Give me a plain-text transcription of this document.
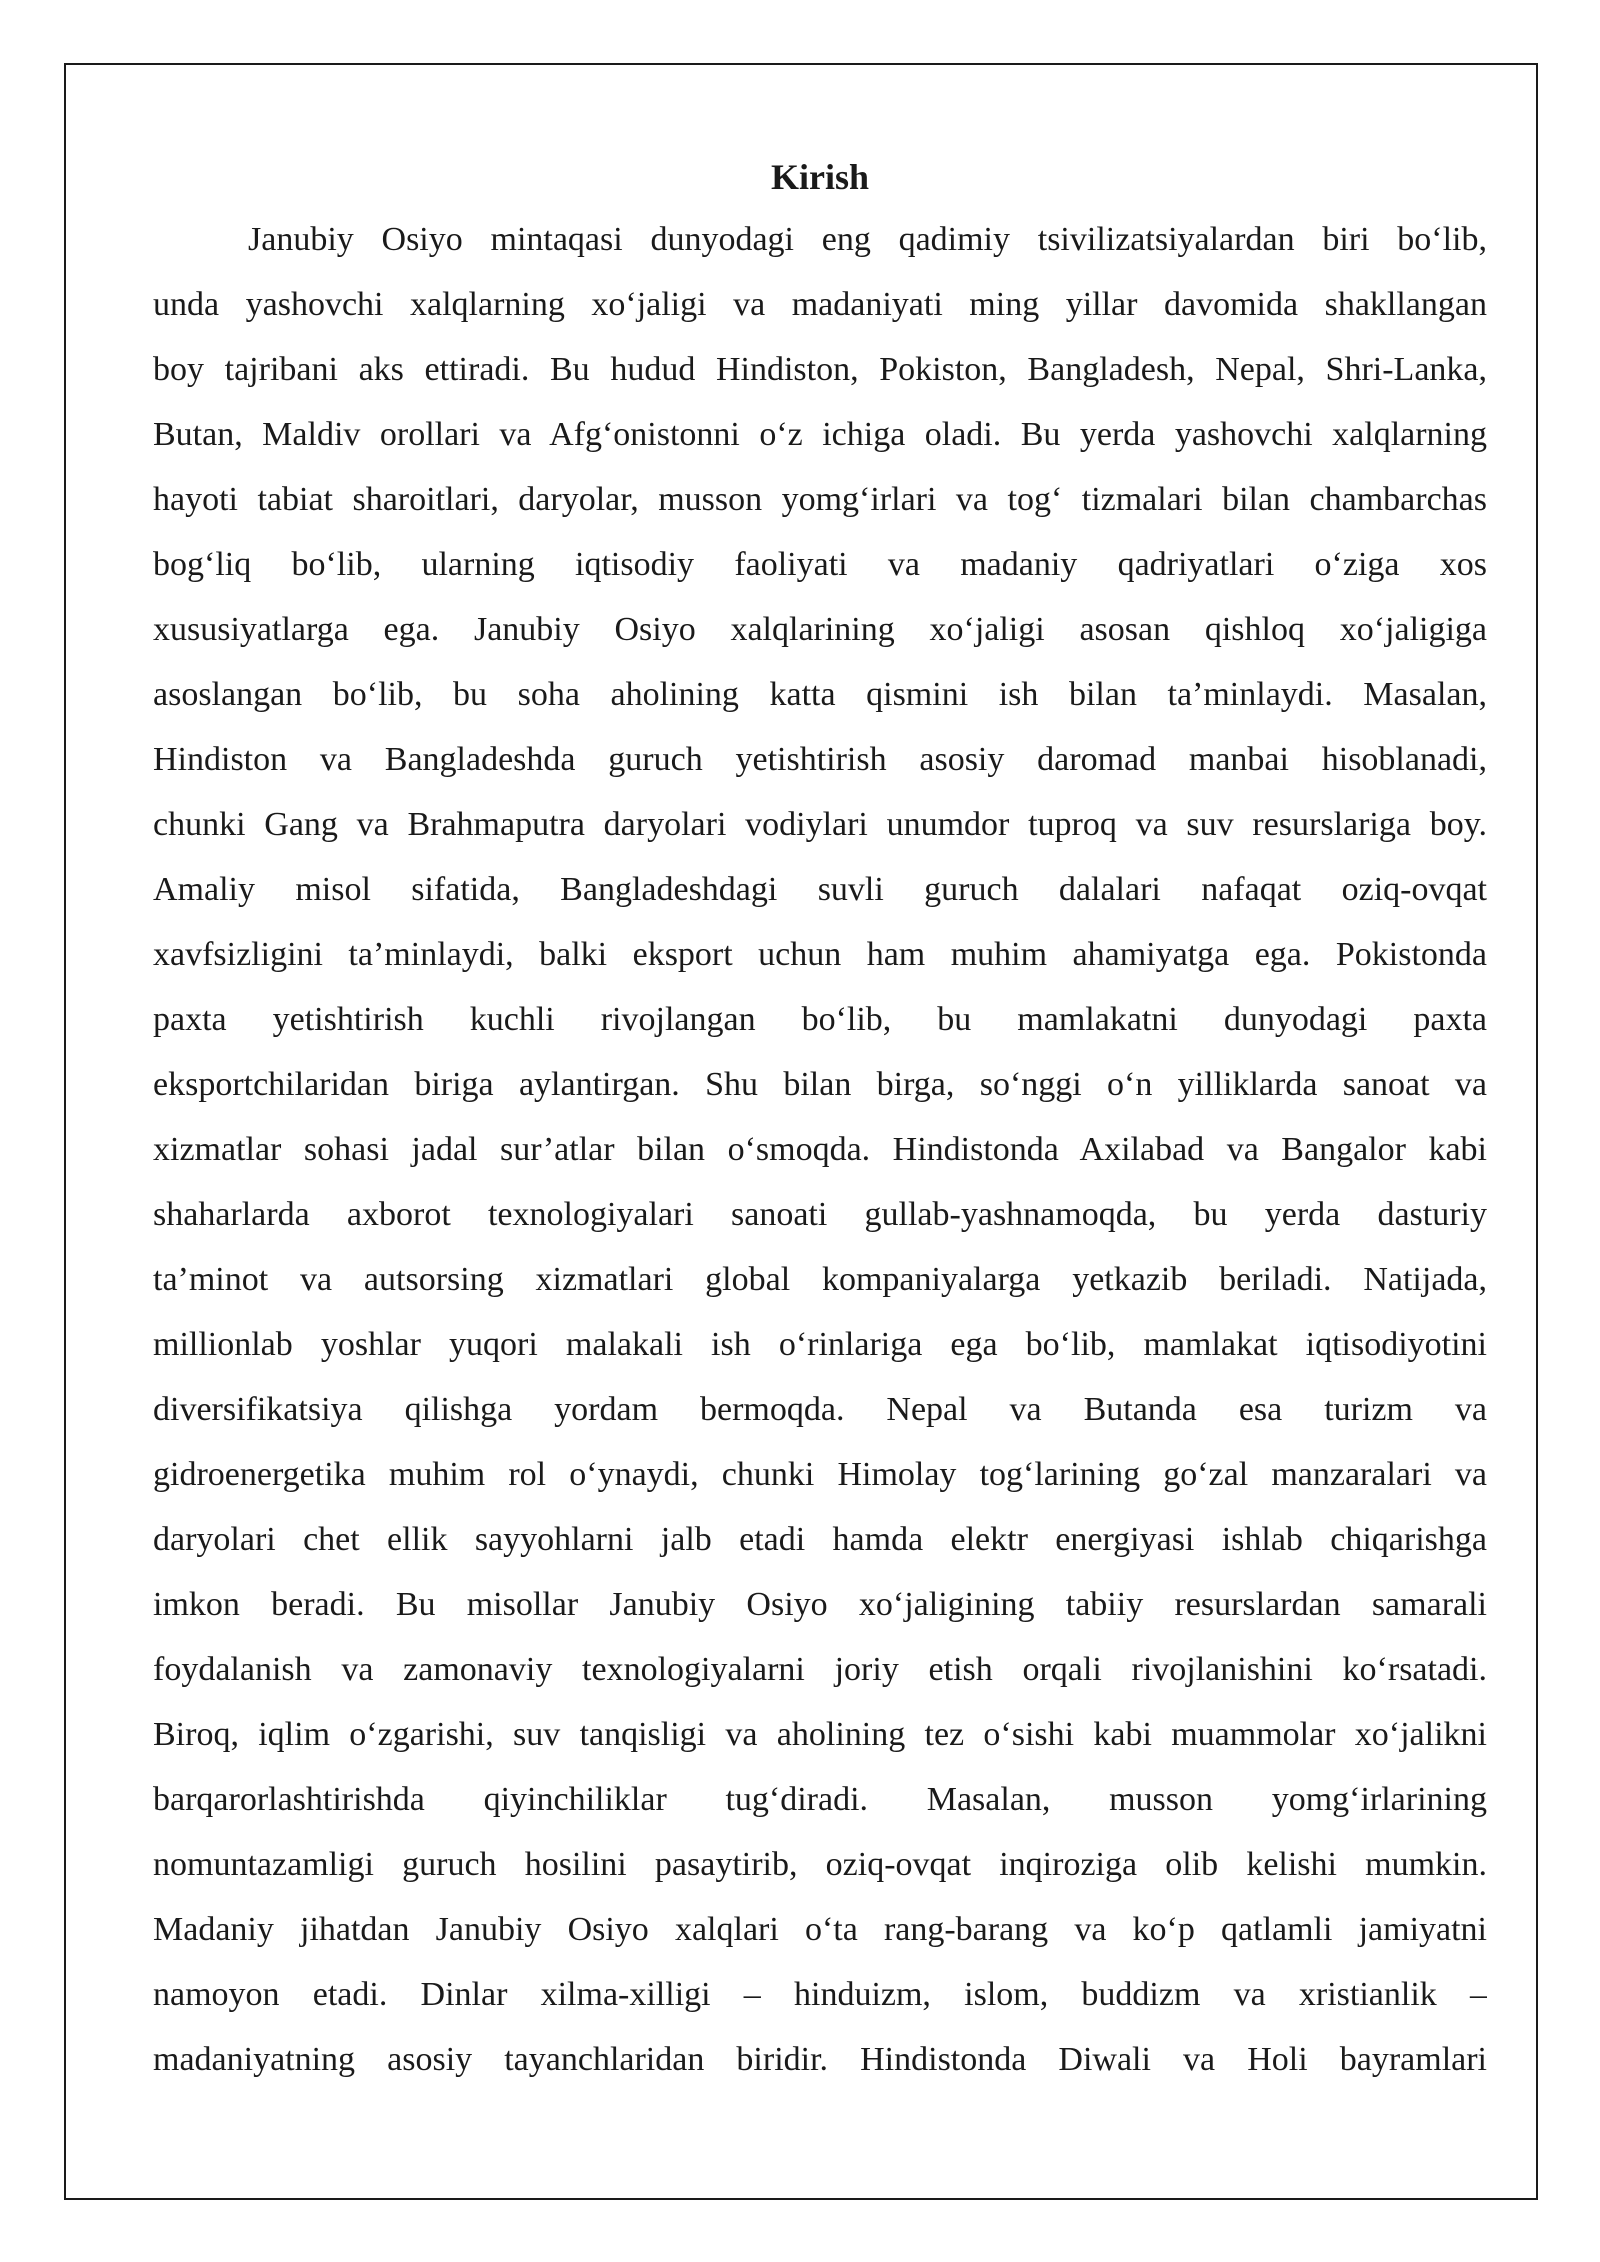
Kirish
Janubiy Osiyo mintaqasi dunyodagi eng qadimiy tsivilizatsiyalardan biri bo‘lib,
unda yashovchi xalqlarning xo‘jaligi va madaniyati ming yillar davomida shakllangan
boy tajribani aks ettiradi. Bu hudud Hindiston, Pokiston, Bangladesh, Nepal, Shri-Lanka,
Butan, Maldiv orollari va Afg‘onistonni o‘z ichiga oladi. Bu yerda yashovchi xalqlarning
hayoti tabiat sharoitlari, daryolar, musson yomg‘irlari va tog‘ tizmalari bilan chambarchas
bog‘liq bo‘lib, ularning iqtisodiy faoliyati va madaniy qadriyatlari o‘ziga xos
xususiyatlarga ega. Janubiy Osiyo xalqlarining xo‘jaligi asosan qishloq xo‘jaligiga
asoslangan bo‘lib, bu soha aholining katta qismini ish bilan ta’minlaydi. Masalan,
Hindiston va Bangladeshda guruch yetishtirish asosiy daromad manbai hisoblanadi,
chunki Gang va Brahmaputra daryolari vodiylari unumdor tuproq va suv resurslariga boy.
Amaliy misol sifatida, Bangladeshdagi suvli guruch dalalari nafaqat oziq-ovqat
xavfsizligini ta’minlaydi, balki eksport uchun ham muhim ahamiyatga ega. Pokistonda
paxta yetishtirish kuchli rivojlangan bo‘lib, bu mamlakatni dunyodagi paxta
eksportchilaridan biriga aylantirgan. Shu bilan birga, so‘nggi o‘n yilliklarda sanoat va
xizmatlar sohasi jadal sur’atlar bilan o‘smoqda. Hindistonda Axilabad va Bangalor kabi
shaharlarda axborot texnologiyalari sanoati gullab-yashnamoqda, bu yerda dasturiy
ta’minot va autsorsing xizmatlari global kompaniyalarga yetkazib beriladi. Natijada,
millionlab yoshlar yuqori malakali ish o‘rinlariga ega bo‘lib, mamlakat iqtisodiyotini
diversifikatsiya qilishga yordam bermoqda. Nepal va Butanda esa turizm va
gidroenergetika muhim rol o‘ynaydi, chunki Himolay tog‘larining go‘zal manzaralari va
daryolari chet ellik sayyohlarni jalb etadi hamda elektr energiyasi ishlab chiqarishga
imkon beradi. Bu misollar Janubiy Osiyo xo‘jaligining tabiiy resurslardan samarali
foydalanish va zamonaviy texnologiyalarni joriy etish orqali rivojlanishini ko‘rsatadi.
Biroq, iqlim o‘zgarishi, suv tanqisligi va aholining tez o‘sishi kabi muammolar xo‘jalikni
barqarorlashtirishda qiyinchiliklar tug‘diradi. Masalan, musson yomg‘irlarining
nomuntazamligi guruch hosilini pasaytirib, oziq-ovqat inqiroziga olib kelishi mumkin.
Madaniy jihatdan Janubiy Osiyo xalqlari o‘ta rang-barang va ko‘p qatlamli jamiyatni
namoyon etadi. Dinlar xilma-xilligi – hinduizm, islom, buddizm va xristianlik –
madaniyatning asosiy tayanchlaridan biridir. Hindistonda Diwali va Holi bayramlari
